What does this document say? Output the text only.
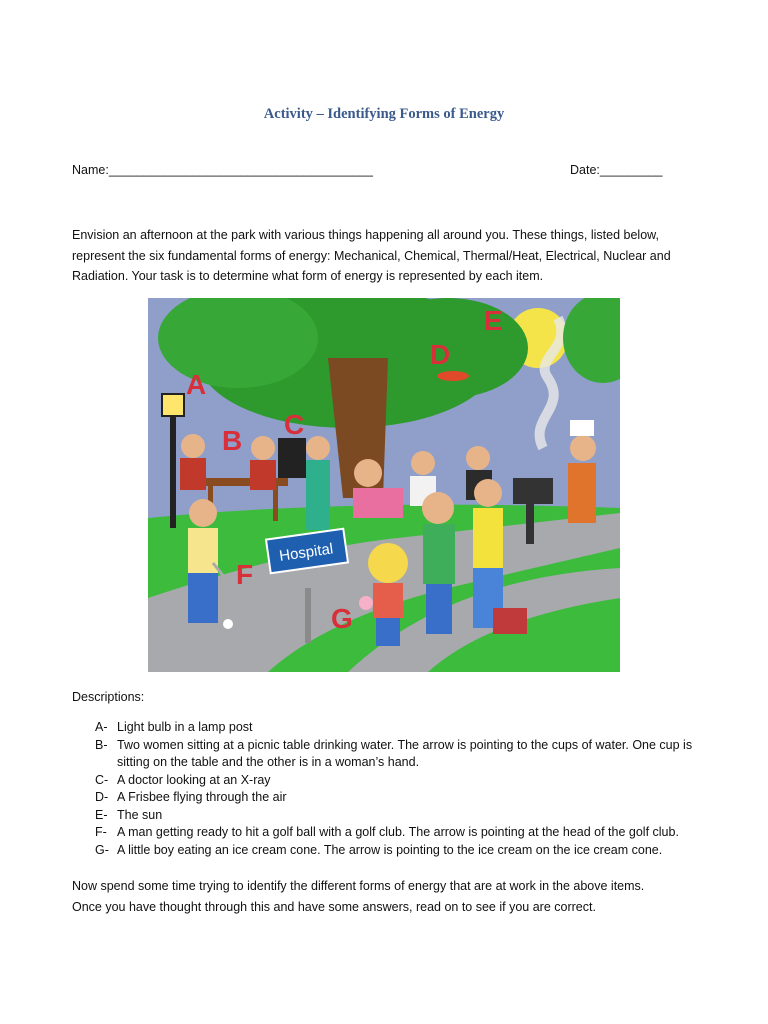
Activity – Identifying Forms of Energy
Name:______________________________________	Date:_________

Envision an afternoon at the park with various things happening all around you. These things, listed below,

represent the six fundamental forms of energy: Mechanical, Chemical, Thermal/Heat, Electrical, Nuclear and

Radiation. Your task is to determine what form of energy is represented by each item.

Hospital
A
B
C
D
E
F
G
Descriptions:
A- Light bulb in a lamp post
B- Two women sitting at a picnic table drinking water. The arrow is pointing to the cups of water. One cup is sitting on the table and the other is in a woman’s hand.
C- A doctor looking at an X-ray
D- A Frisbee flying through the air
E- The sun
F- A man getting ready to hit a golf ball with a golf club. The arrow is pointing at the head of the golf club.
G- A little boy eating an ice cream cone. The arrow is pointing to the ice cream on the ice cream cone.

Now spend some time trying to identify the different forms of energy that are at work in the above items.

Once you have thought through this and have some answers, read on to see if you are correct.
